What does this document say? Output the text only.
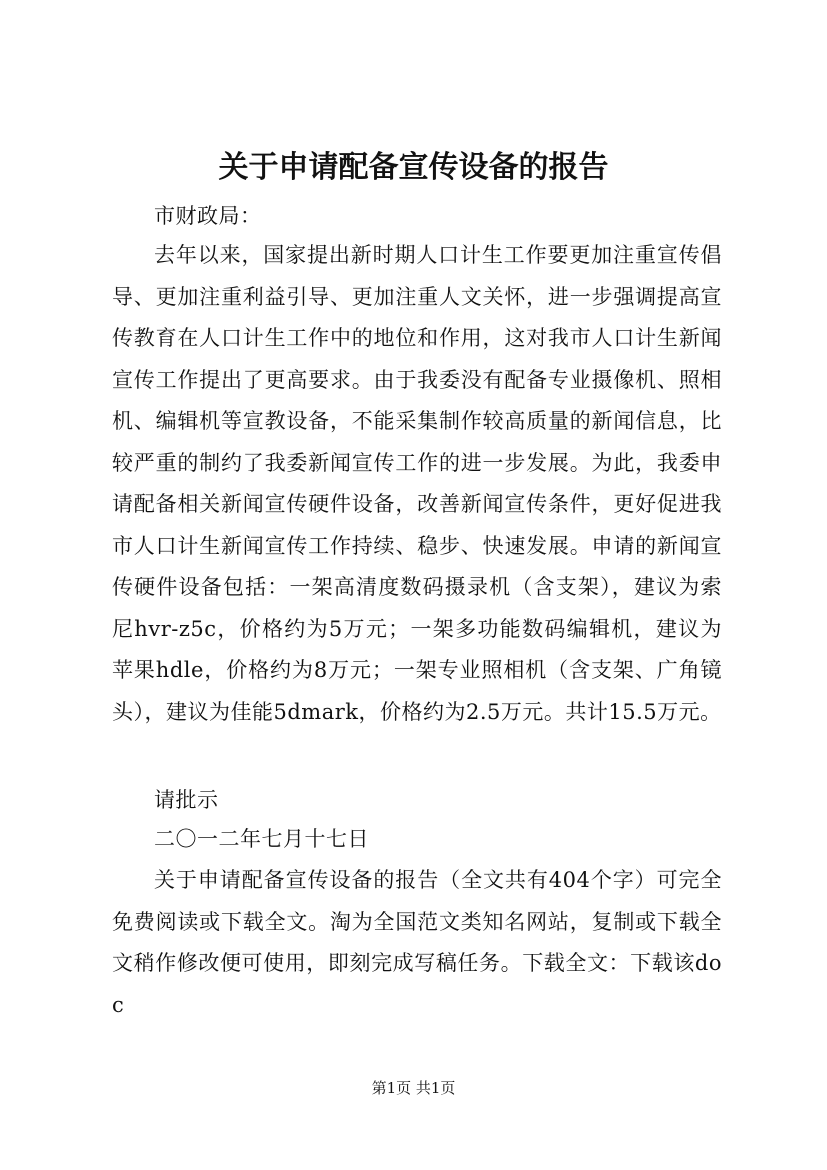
关于申请配备宣传设备的报告
市财政局：
去年以来，国家提出新时期人口计生工作要更加注重宣传倡导、更加注重利益引导、更加注重人文关怀，进一步强调提高宣传教育在人口计生工作中的地位和作用，这对我市人口计生新闻宣传工作提出了更高要求。由于我委没有配备专业摄像机、照相机、编辑机等宣教设备，不能采集制作较高质量的新闻信息，比较严重的制约了我委新闻宣传工作的进一步发展。为此，我委申请配备相关新闻宣传硬件设备，改善新闻宣传条件，更好促进我市人口计生新闻宣传工作持续、稳步、快速发展。申请的新闻宣传硬件设备包括：一架高清度数码摄录机（含支架），建议为索尼hvr-z5c，价格约为5万元；一架多功能数码编辑机，建议为苹果hdle，价格约为8万元；一架专业照相机（含支架、广角镜头），建议为佳能5dmark，价格约为2.5万元。共计15.5万元。
请批示
二〇一二年七月十七日
关于申请配备宣传设备的报告（全文共有404个字）可完全免费阅读或下载全文。淘为全国范文类知名网站，复制或下载全文稍作修改便可使用，即刻完成写稿任务。下载全文：下载该doc
第1页 共1页
